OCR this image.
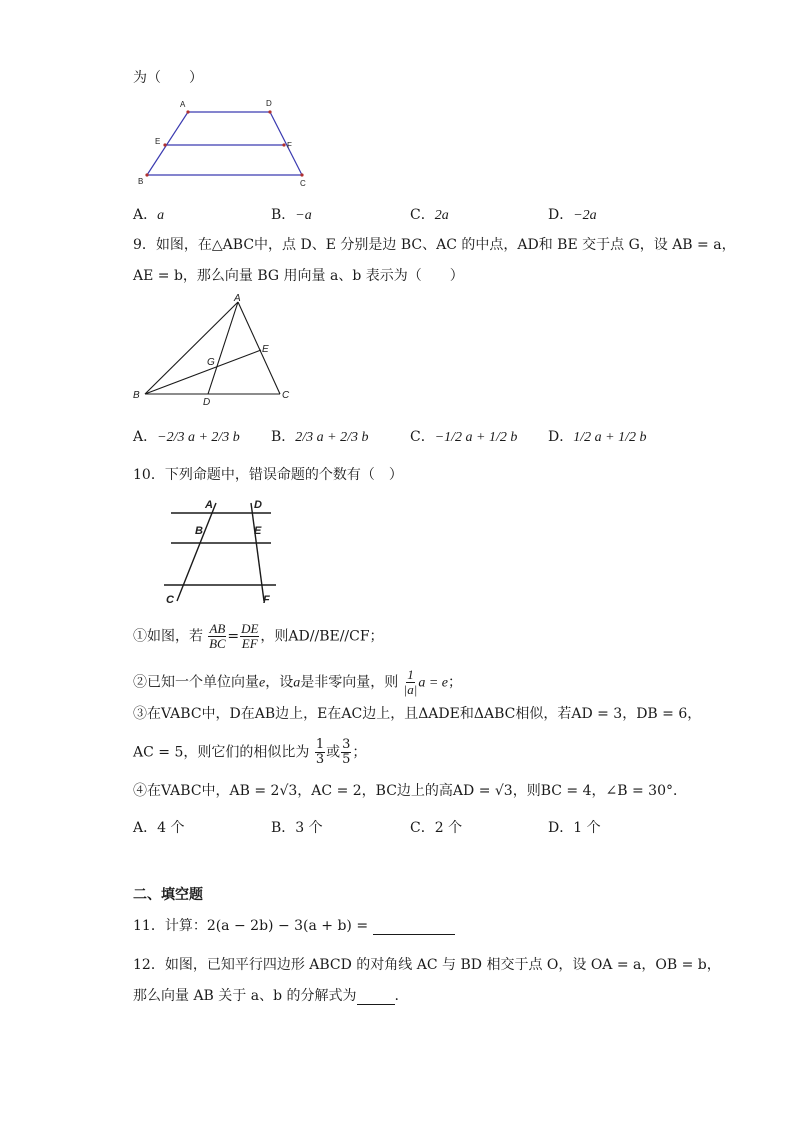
为（　　）
A	D
E	F
B	C
A．a	B．−a	C．2a	D．−2a
9．如图，在△ABC中，点 D、E 分别是边 BC、AC 的中点，AD和 BE 交于点 G，设 AB = a，
AE = b，那么向量 BG 用向量 a、b 表示为（　　）
A
B	C
D
E
G
A．−2/3 a + 2/3 b B．2/3 a + 2/3 b	C．−1/2 a + 1/2 b D．1/2 a + 1/2 b
10．下列命题中，错误命题的个数有（　）
A
B
C
D
E
F
①如图，若 $\frac{AB}{BC} = \frac{DE}{EF}$ ，则AD//BE//CF；
②已知一个单位向量e，设a是非零向量，则 $\frac{1}{|a|}$ a = e；
③在VABC中，D在AB边上，E在AC边上，且ΔADE和ΔABC相似，若AD = 3，DB = 6，
AC = 5，则它们的相似比为 $\frac{1}{3}$ 或 $\frac{3}{5}$ ；
④在VABC中，AB = 2√3，AC = 2，BC边上的高AD = √3，则BC = 4，∠B = 30°．
A．4 个	B．3 个	C．2 个	D．1 个
二、填空题
11．计算：2(a − 2b) − 3(a + b) =
12．如图，已知平行四边形 ABCD 的对角线 AC 与 BD 相交于点 O，设 OA = a，OB = b，
那么向量 AB 关于 a、b 的分解式为	.
